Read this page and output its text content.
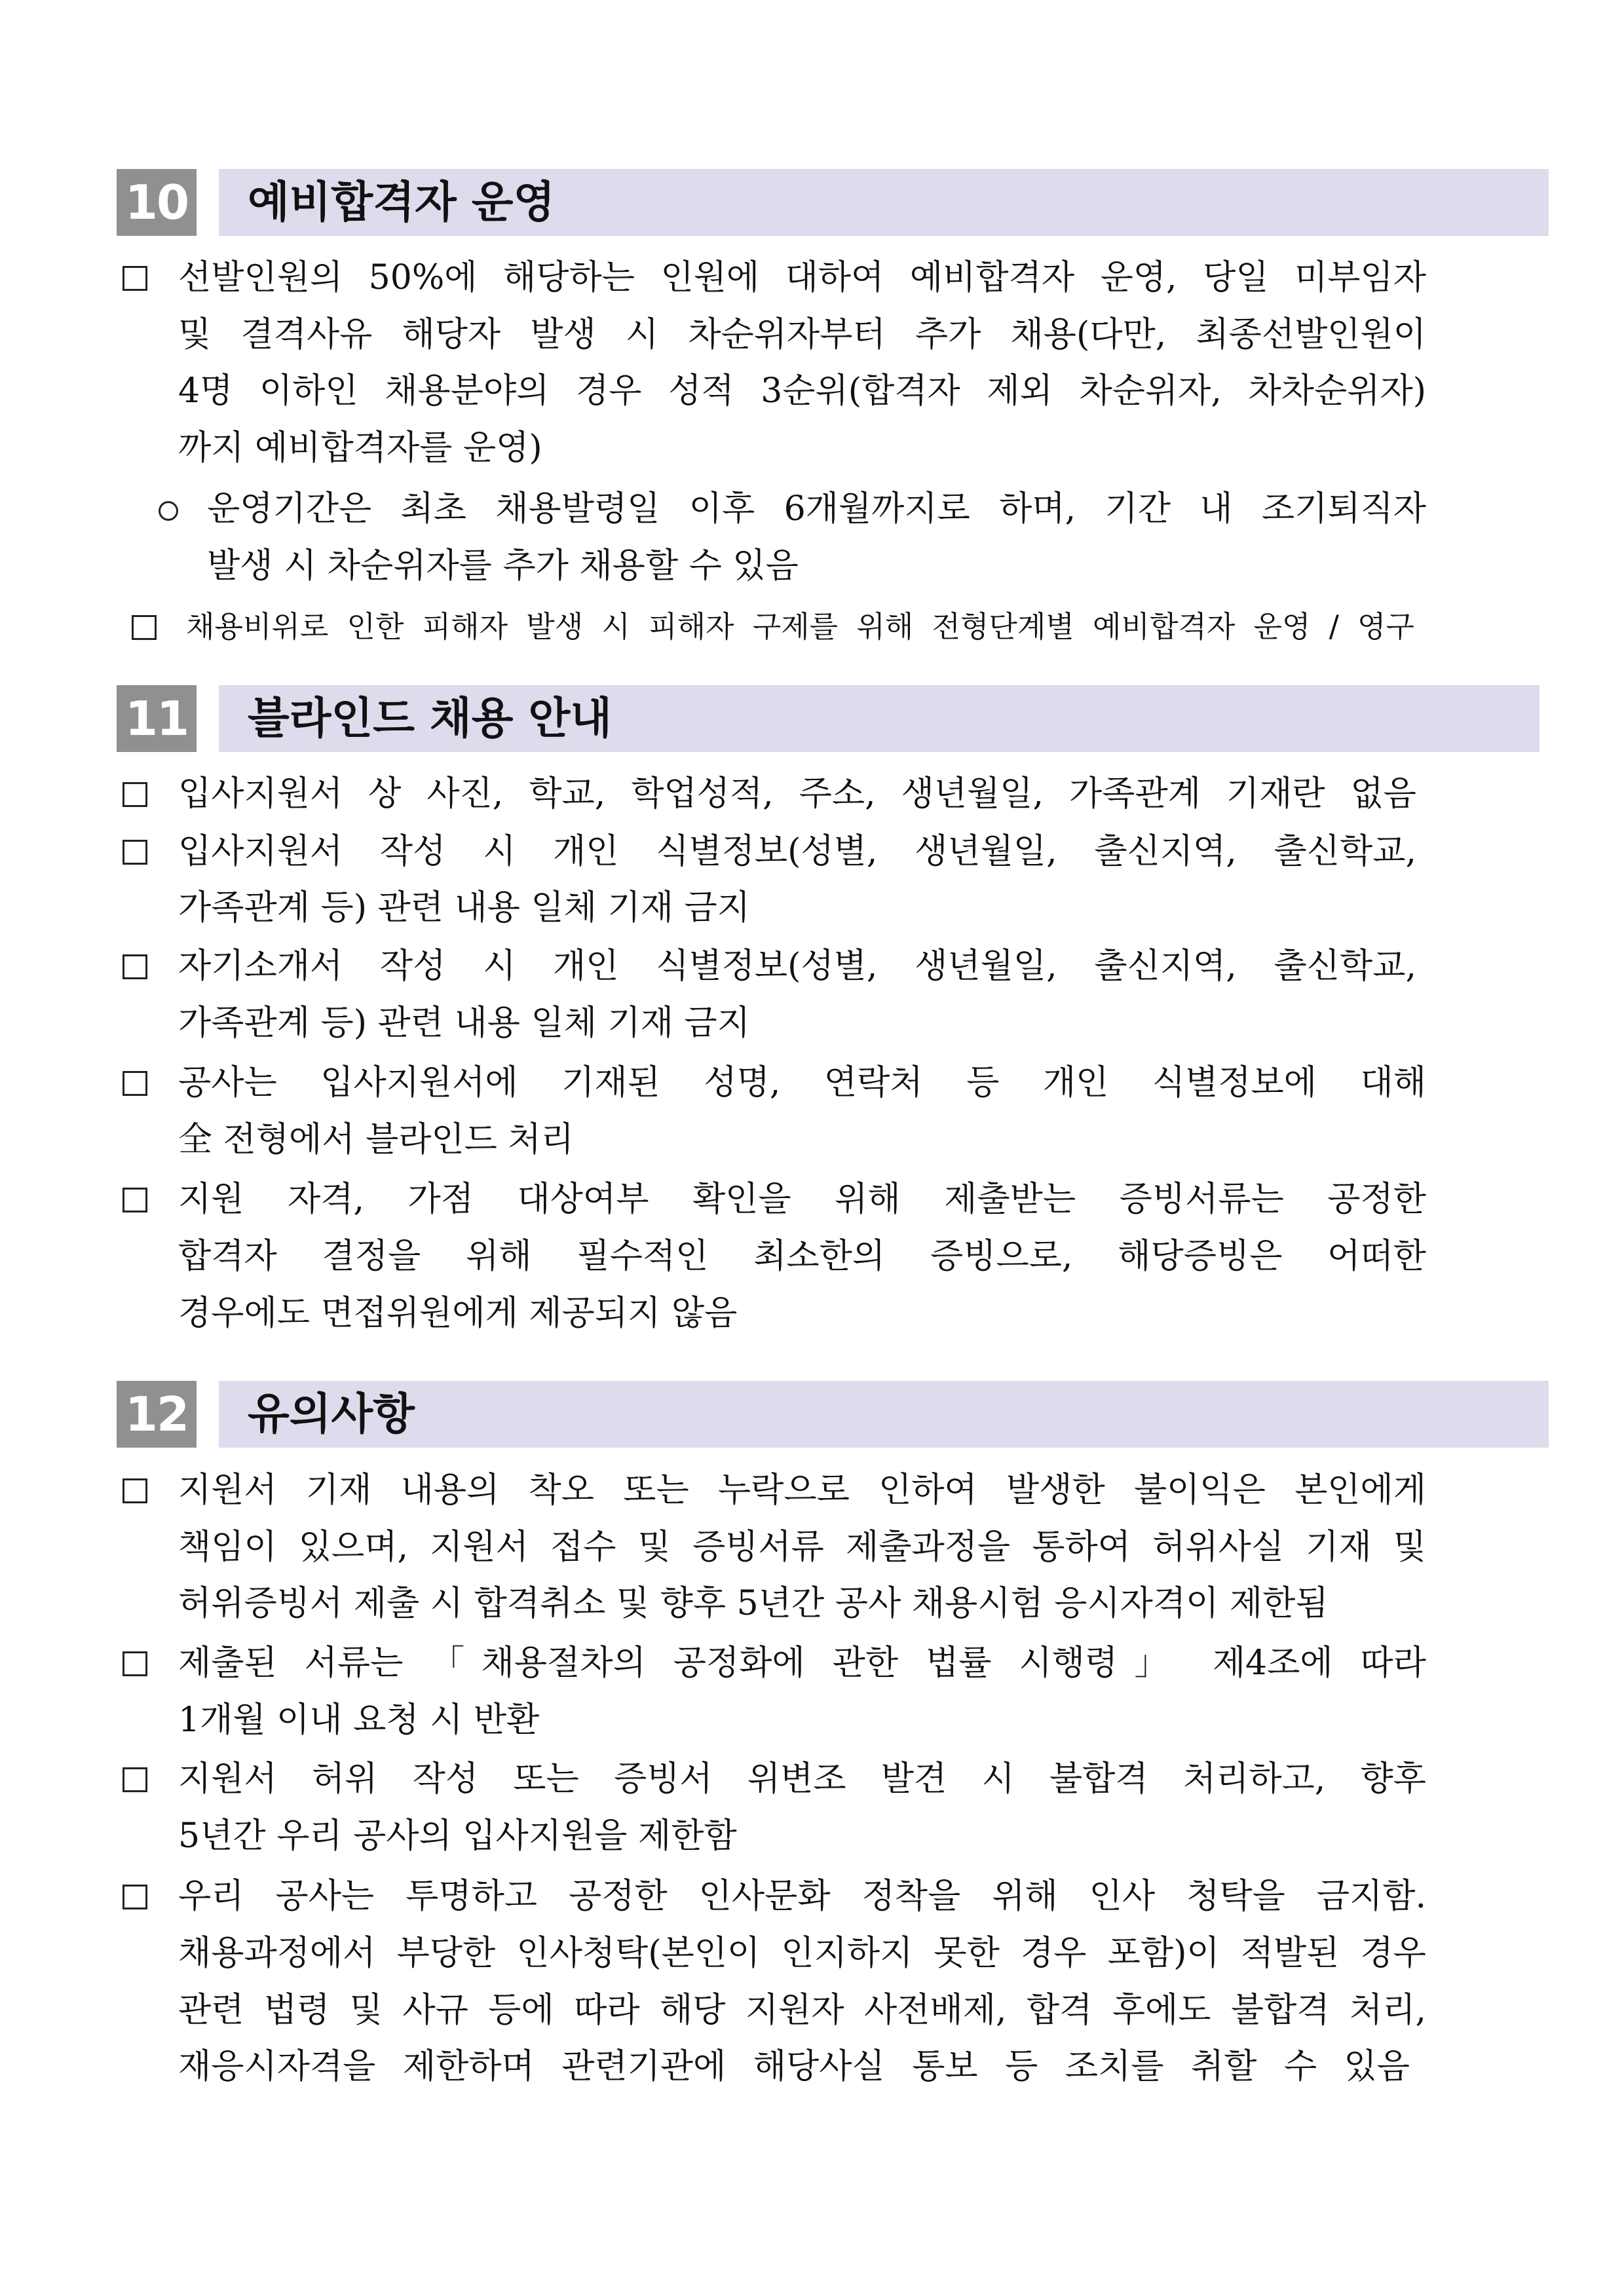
10 예비합격자 운영
선발인원의 50%에 해당하는 인원에 대하여 예비합격자 운영, 당일 미부임자
및 결격사유 해당자 발생 시 차순위자부터 추가 채용(다만, 최종선발인원이
4명 이하인 채용분야의 경우 성적 3순위(합격자 제외 차순위자, 차차순위자)
까지 예비합격자를 운영)
운영기간은 최초 채용발령일 이후 6개월까지로 하며, 기간 내 조기퇴직자
발생 시 차순위자를 추가 채용할 수 있음
채용비위로 인한 피해자 발생 시 피해자 구제를 위해 전형단계별 예비합격자 운영 / 영구
11 블라인드 채용 안내
입사지원서 상 사진, 학교, 학업성적, 주소, 생년월일, 가족관계 기재란 없음
입사지원서 작성 시 개인 식별정보(성별, 생년월일, 출신지역, 출신학교,
가족관계 등) 관련 내용 일체 기재 금지
자기소개서 작성 시 개인 식별정보(성별, 생년월일, 출신지역, 출신학교,
가족관계 등) 관련 내용 일체 기재 금지
공사는 입사지원서에 기재된 성명, 연락처 등 개인 식별정보에 대해
全 전형에서 블라인드 처리
지원 자격, 가점 대상여부 확인을 위해 제출받는 증빙서류는 공정한
합격자 결정을 위해 필수적인 최소한의 증빙으로, 해당증빙은 어떠한
경우에도 면접위원에게 제공되지 않음
12 유의사항
지원서 기재 내용의 착오 또는 누락으로 인하여 발생한 불이익은 본인에게
책임이 있으며, 지원서 접수 및 증빙서류 제출과정을 통하여 허위사실 기재 및
허위증빙서 제출 시 합격취소 및 향후 5년간 공사 채용시험 응시자격이 제한됨
제출된 서류는 「채용절차의 공정화에 관한 법률 시행령」 제4조에 따라
1개월 이내 요청 시 반환
지원서 허위 작성 또는 증빙서 위변조 발견 시 불합격 처리하고, 향후
5년간 우리 공사의 입사지원을 제한함
우리 공사는 투명하고 공정한 인사문화 정착을 위해 인사 청탁을 금지함.
채용과정에서 부당한 인사청탁(본인이 인지하지 못한 경우 포함)이 적발된 경우
관련 법령 및 사규 등에 따라 해당 지원자 사전배제, 합격 후에도 불합격 처리,
재응시자격을 제한하며 관련기관에 해당사실 통보 등 조치를 취할 수 있음
